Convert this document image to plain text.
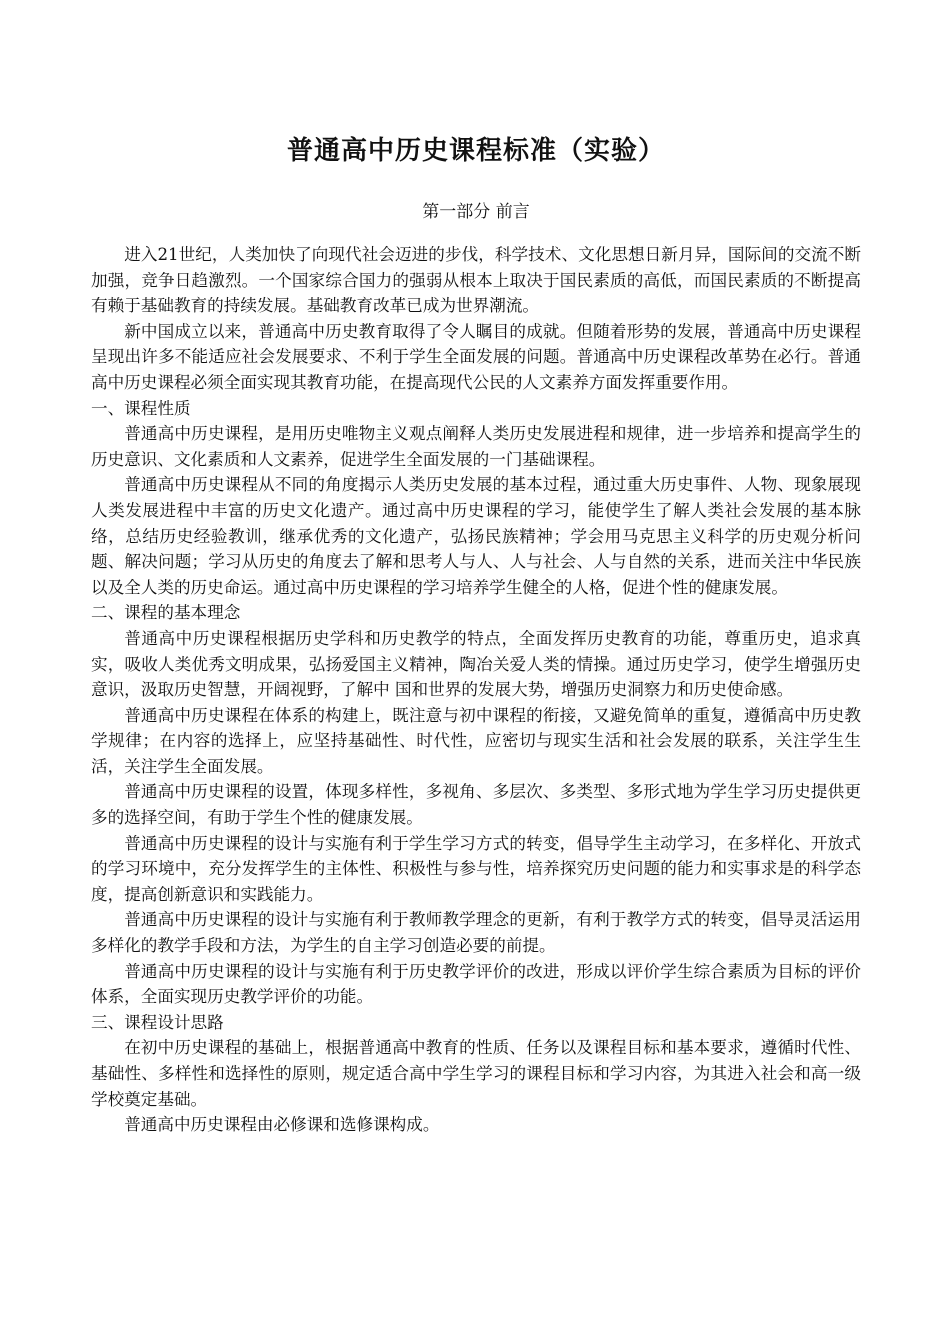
普通高中历史课程标准（实验）
第一部分 前言

进入21世纪，人类加快了向现代社会迈进的步伐，科学技术、文化思想日新月异，国际间的交流不断加强，竞争日趋激烈。一个国家综合国力的强弱从根本上取决于国民素质的高低，而国民素质的不断提高有赖于基础教育的持续发展。基础教育改革已成为世界潮流。

新中国成立以来，普通高中历史教育取得了令人瞩目的成就。但随着形势的发展，普通高中历史课程呈现出许多不能适应社会发展要求、不利于学生全面发展的问题。普通高中历史课程改革势在必行。普通高中历史课程必须全面实现其教育功能，在提高现代公民的人文素养方面发挥重要作用。

一、课程性质

普通高中历史课程，是用历史唯物主义观点阐释人类历史发展进程和规律，进一步培养和提高学生的历史意识、文化素质和人文素养，促进学生全面发展的一门基础课程。

普通高中历史课程从不同的角度揭示人类历史发展的基本过程，通过重大历史事件、人物、现象展现人类发展进程中丰富的历史文化遗产。通过高中历史课程的学习，能使学生了解人类社会发展的基本脉络，总结历史经验教训，继承优秀的文化遗产，弘扬民族精神；学会用马克思主义科学的历史观分析问题、解决问题；学习从历史的角度去了解和思考人与人、人与社会、人与自然的关系，进而关注中华民族以及全人类的历史命运。通过高中历史课程的学习培养学生健全的人格，促进个性的健康发展。

二、课程的基本理念

普通高中历史课程根据历史学科和历史教学的特点，全面发挥历史教育的功能，尊重历史，追求真实，吸收人类优秀文明成果，弘扬爱国主义精神，陶冶关爱人类的情操。通过历史学习，使学生增强历史意识，汲取历史智慧，开阔视野，了解中 国和世界的发展大势，增强历史洞察力和历史使命感。

普通高中历史课程在体系的构建上，既注意与初中课程的衔接，又避免简单的重复，遵循高中历史教学规律；在内容的选择上，应坚持基础性、时代性，应密切与现实生活和社会发展的联系，关注学生生活，关注学生全面发展。

普通高中历史课程的设置，体现多样性，多视角、多层次、多类型、多形式地为学生学习历史提供更多的选择空间，有助于学生个性的健康发展。

普通高中历史课程的设计与实施有利于学生学习方式的转变，倡导学生主动学习，在多样化、开放式的学习环境中，充分发挥学生的主体性、积极性与参与性，培养探究历史问题的能力和实事求是的科学态度，提高创新意识和实践能力。

普通高中历史课程的设计与实施有利于教师教学理念的更新，有利于教学方式的转变，倡导灵活运用多样化的教学手段和方法，为学生的自主学习创造必要的前提。

普通高中历史课程的设计与实施有利于历史教学评价的改进，形成以评价学生综合素质为目标的评价体系，全面实现历史教学评价的功能。

三、课程设计思路

在初中历史课程的基础上，根据普通高中教育的性质、任务以及课程目标和基本要求，遵循时代性、基础性、多样性和选择性的原则，规定适合高中学生学习的课程目标和学习内容，为其进入社会和高一级学校奠定基础。

普通高中历史课程由必修课和选修课构成。
